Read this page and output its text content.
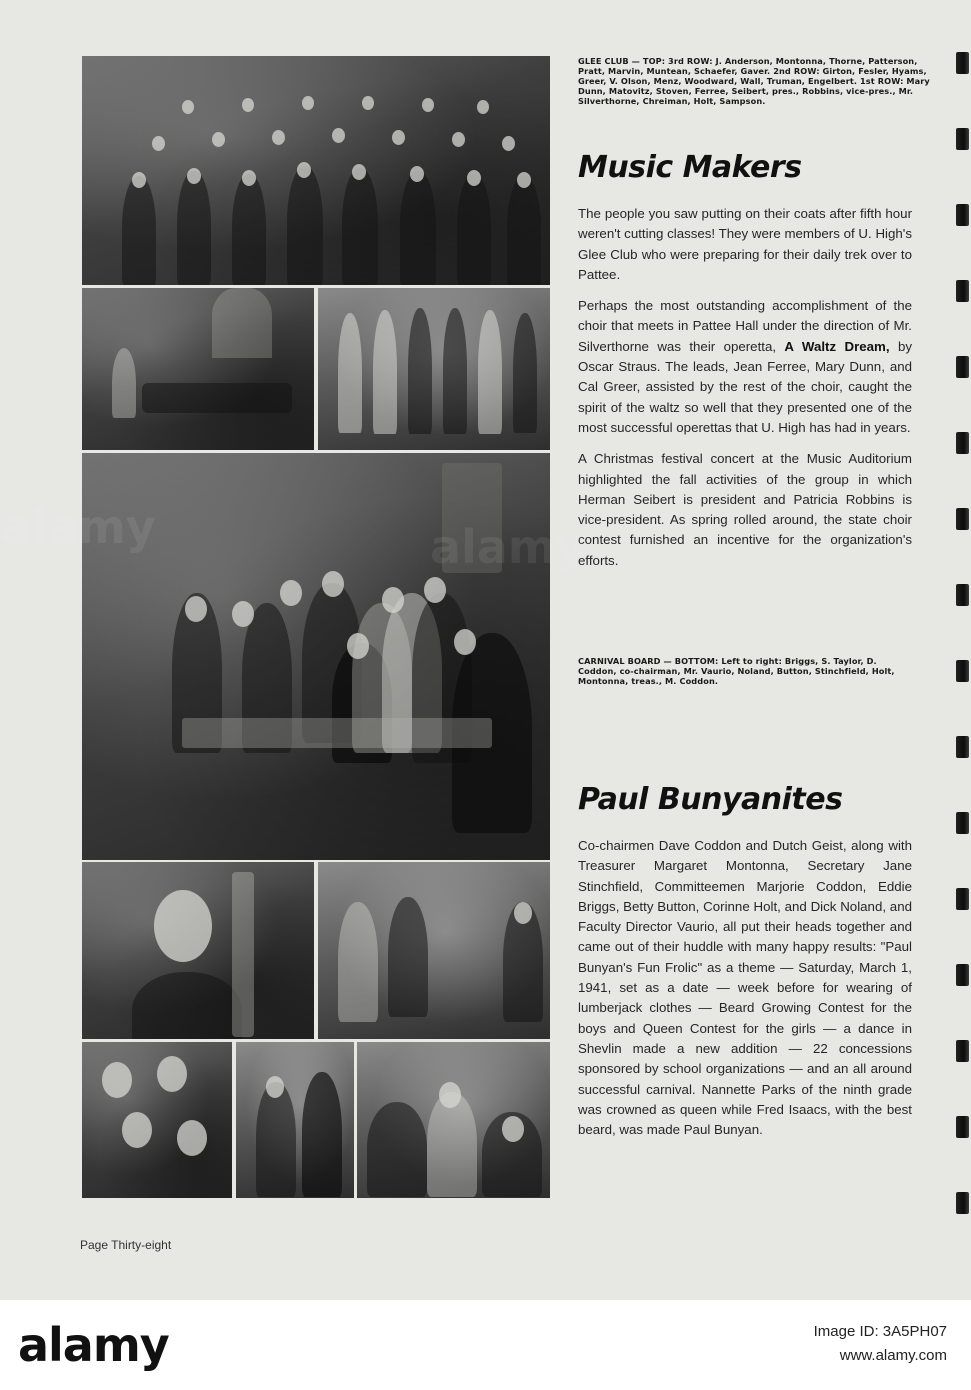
GLEE CLUB — TOP: 3rd ROW: J. Anderson, Montonna, Thorne, Patterson, Pratt, Marvin, Muntean, Schaefer, Gaver. 2nd ROW: Girton, Fesler, Hyams, Greer, V. Olson, Menz, Woodward, Wall, Truman, Engelbert. 1st ROW: Mary Dunn, Matovitz, Stoven, Ferree, Seibert, pres., Robbins, vice-pres., Mr. Silverthorne, Chreiman, Holt, Sampson.

Music Makers

The people you saw putting on their coats after fifth hour weren't cutting classes! They were members of U. High's Glee Club who were preparing for their daily trek over to Pattee.

Perhaps the most outstanding accomplishment of the choir that meets in Pattee Hall under the direction of Mr. Silverthorne was their operetta, A Waltz Dream, by Oscar Straus. The leads, Jean Ferree, Mary Dunn, and Cal Greer, assisted by the rest of the choir, caught the spirit of the waltz so well that they presented one of the most successful operettas that U. High has had in years.

A Christmas festival concert at the Music Auditorium highlighted the fall activities of the group in which Herman Seibert is president and Patricia Robbins is vice-president. As spring rolled around, the state choir contest furnished an incentive for the organization's efforts.

CARNIVAL BOARD — BOTTOM: Left to right: Briggs, S. Taylor, D. Coddon, co-chairman, Mr. Vaurio, Noland, Button, Stinchfield, Holt, Montonna, treas., M. Coddon.

Paul Bunyanites

Co-chairmen Dave Coddon and Dutch Geist, along with Treasurer Margaret Montonna, Secretary Jane Stinchfield, Committeemen Marjorie Coddon, Eddie Briggs, Betty Button, Corinne Holt, and Dick Noland, and Faculty Director Vaurio, all put their heads together and came out of their huddle with many happy results: "Paul Bunyan's Fun Frolic" as a theme — Saturday, March 1, 1941, set as a date — week before for wearing of lumberjack clothes — Beard Growing Contest for the boys and Queen Contest for the girls — a dance in Shevlin made a new addition — 22 concessions sponsored by school organizations — and an all around successful carnival. Nannette Parks of the ninth grade was crowned as queen while Fred Isaacs, with the best beard, was made Paul Bunyan.

Page Thirty-eight

alamy

alamy	Image ID: 3A5PH07
www.alamy.com
